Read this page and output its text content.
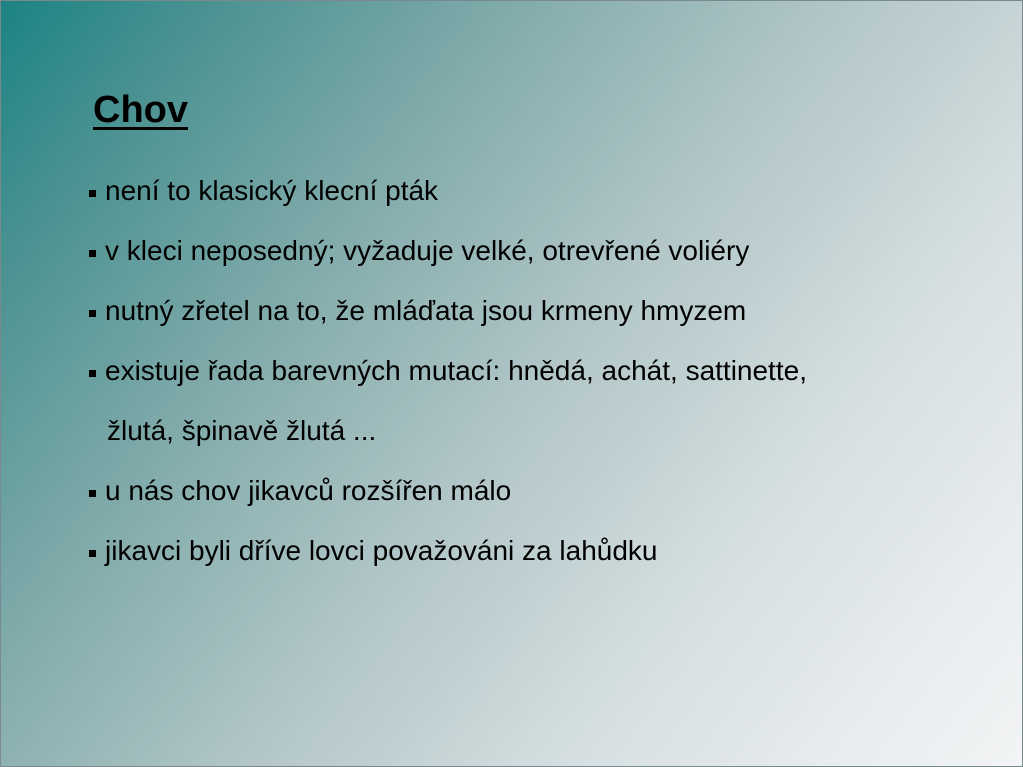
Chov
není to klasický klecní pták
v kleci neposedný; vyžaduje velké, otrevřené voliéry
nutný zřetel na to, že mláďata jsou krmeny hmyzem
existuje řada barevných mutací: hnědá, achát, sattinette,
žlutá, špinavě žlutá ...
u nás chov jikavců rozšířen málo
jikavci byli dříve lovci považováni za lahůdku
